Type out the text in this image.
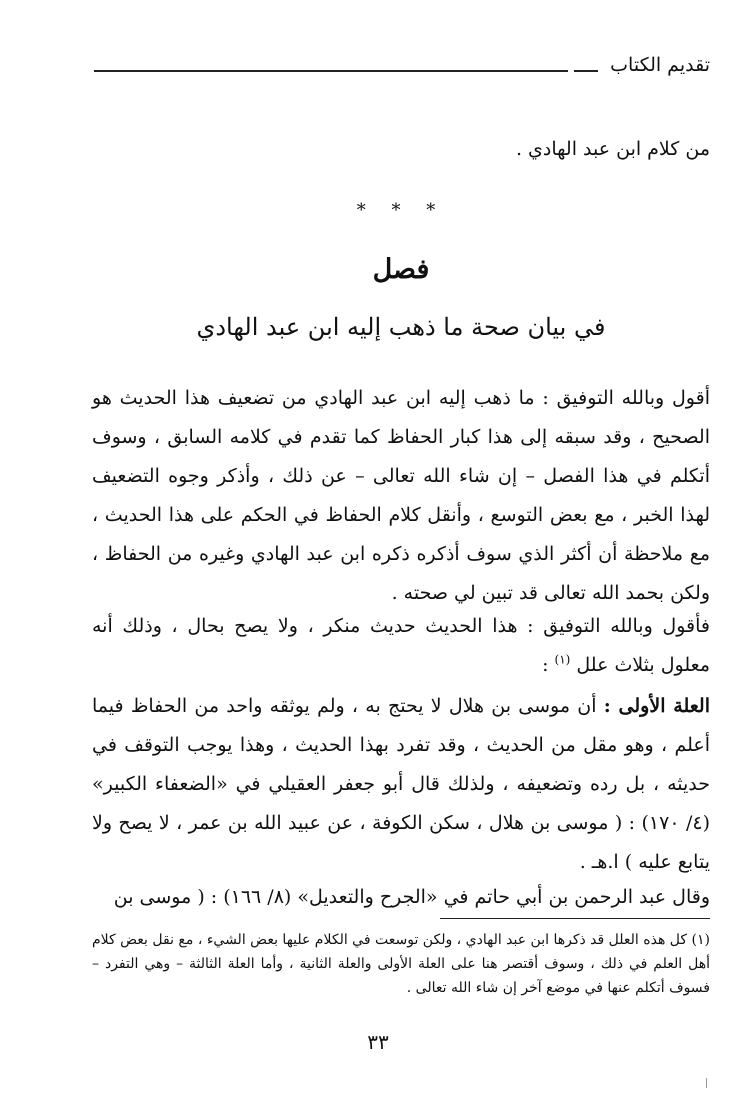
تقديم الكتاب
من كلام ابن عبد الهادي .
* * *
فصل
في بيان صحة ما ذهب إليه ابن عبد الهادي
أقول وبالله التوفيق : ما ذهب إليه ابن عبد الهادي من تضعيف هذا الحديث هو الصحيح ، وقد سبقه إلى هذا كبار الحفاظ كما تقدم في كلامه السابق ، وسوف أتكلم في هذا الفصل – إن شاء الله تعالى – عن ذلك ، وأذكر وجوه التضعيف لهذا الخبر ، مع بعض التوسع ، وأنقل كلام الحفاظ في الحكم على هذا الحديث ، مع ملاحظة أن أكثر الذي سوف أذكره ذكره ابن عبد الهادي وغيره من الحفاظ ، ولكن بحمد الله تعالى قد تبين لي صحته .
فأقول وبالله التوفيق : هذا الحديث حديث منكر ، ولا يصح بحال ، وذلك أنه معلول بثلاث علل $^{(١)}$ :
العلة الأولى : أن موسى بن هلال لا يحتج به ، ولم يوثقه واحد من الحفاظ فيما أعلم ، وهو مقل من الحديث ، وقد تفرد بهذا الحديث ، وهذا يوجب التوقف في حديثه ، بل رده وتضعيفه ، ولذلك قال أبو جعفر العقيلي في «الضعفاء الكبير» (٤/ ١٧٠) : ( موسى بن هلال ، سكن الكوفة ، عن عبيد الله بن عمر ، لا يصح ولا يتابع عليه ) ا.هـ .
وقال عبد الرحمن بن أبي حاتم في «الجرح والتعديل» (٨/ ١٦٦) : ( موسى بن
(١) كل هذه العلل قد ذكرها ابن عبد الهادي ، ولكن توسعت في الكلام عليها بعض الشيء ، مع نقل بعض كلام أهل العلم في ذلك ، وسوف أقتصر هنا على العلة الأولى والعلة الثانية ، وأما العلة الثالثة – وهي التفرد – فسوف أتكلم عنها في موضع آخر إن شاء الله تعالى .
٣٣
